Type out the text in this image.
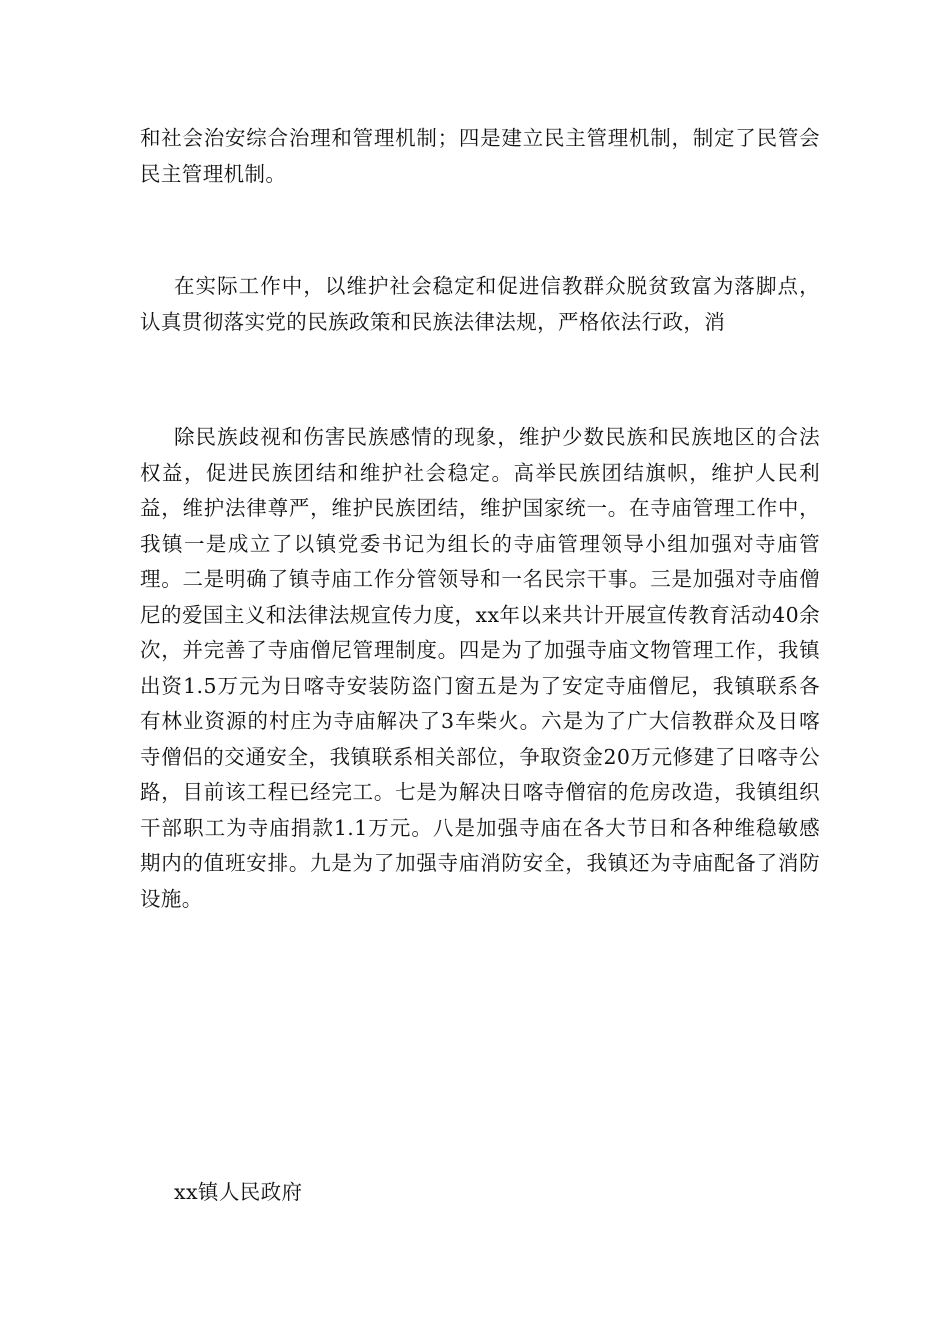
和社会治安综合治理和管理机制；四是建立民主管理机制，制定了民管会民主管理机制。

在实际工作中，以维护社会稳定和促进信教群众脱贫致富为落脚点，认真贯彻落实党的民族政策和民族法律法规，严格依法行政，消

除民族歧视和伤害民族感情的现象，维护少数民族和民族地区的合法权益，促进民族团结和维护社会稳定。高举民族团结旗帜，维护人民利益，维护法律尊严，维护民族团结，维护国家统一。在寺庙管理工作中，我镇一是成立了以镇党委书记为组长的寺庙管理领导小组加强对寺庙管理。二是明确了镇寺庙工作分管领导和一名民宗干事。三是加强对寺庙僧尼的爱国主义和法律法规宣传力度，xx年以来共计开展宣传教育活动40余次，并完善了寺庙僧尼管理制度。四是为了加强寺庙文物管理工作，我镇出资1.5万元为日喀寺安装防盗门窗五是为了安定寺庙僧尼，我镇联系各有林业资源的村庄为寺庙解决了3车柴火。六是为了广大信教群众及日喀寺僧侣的交通安全，我镇联系相关部位，争取资金20万元修建了日喀寺公路，目前该工程已经完工。七是为解决日喀寺僧宿的危房改造，我镇组织干部职工为寺庙捐款1.1万元。八是加强寺庙在各大节日和各种维稳敏感期内的值班安排。九是为了加强寺庙消防安全，我镇还为寺庙配备了消防设施。

xx镇人民政府
